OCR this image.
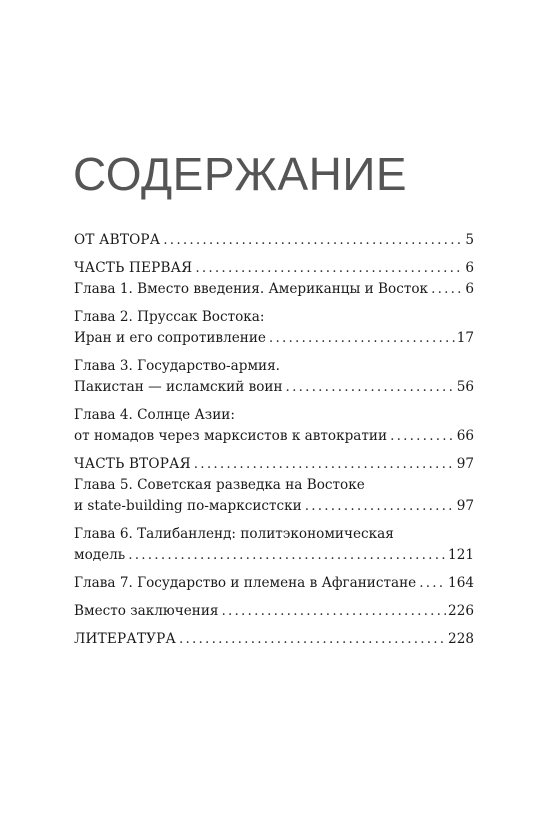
СОДЕРЖАНИЕ
ОТ АВТОРА .....	5
ЧАСТЬ ПЕРВАЯ .....	6
Глава 1. Вместо введения. Американцы и Восток .....	6
Глава 2. Пруссак Востока:
Иран и его сопротивление .....	17
Глава 3. Государство-армия.
Пакистан — исламский воин .....	56
Глава 4. Солнце Азии:
от номадов через марксистов к автократии .....	66
ЧАСТЬ ВТОРАЯ .....	97
Глава 5. Советская разведка на Востоке
и state-building по-марксистски .....	97
Глава 6. Талибанленд: политэкономическая
модель .....	121
Глава 7. Государство и племена в Афганистане ..... 164
Вместо заключения .....	226
ЛИТЕРАТУРА .....	228
